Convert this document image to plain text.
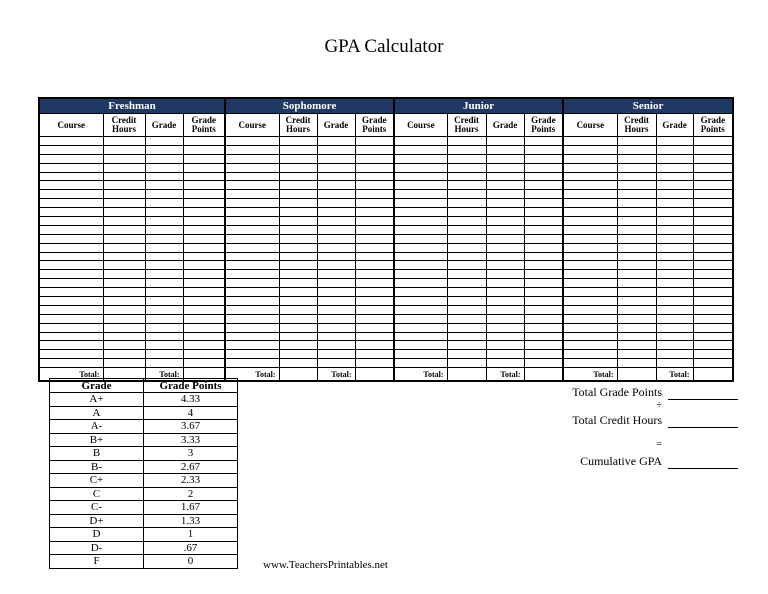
GPA Calculator
Freshman				Sophomore				Junior				Senior			
Course	Credit Hours	Grade	Grade Points	Course	Credit Hours	Grade	Grade Points	Course	Credit Hours	Grade	Grade Points	Course	Credit Hours	Grade	Grade Points

Total:		Total:		Total:		Total:		Total:		Total:		Total:		Total:	
Grade	Grade Points
A+	4.33
A	4
A-	3.67
B+	3.33
B	3
B-	2.67
C+	2.33
C	2
C-	1.67
D+	1.33
D	1
D-	.67
F	0	www.TeachersPrintables.net
Total Grade Points
÷
Total Credit Hours
=
Cumulative GPA
